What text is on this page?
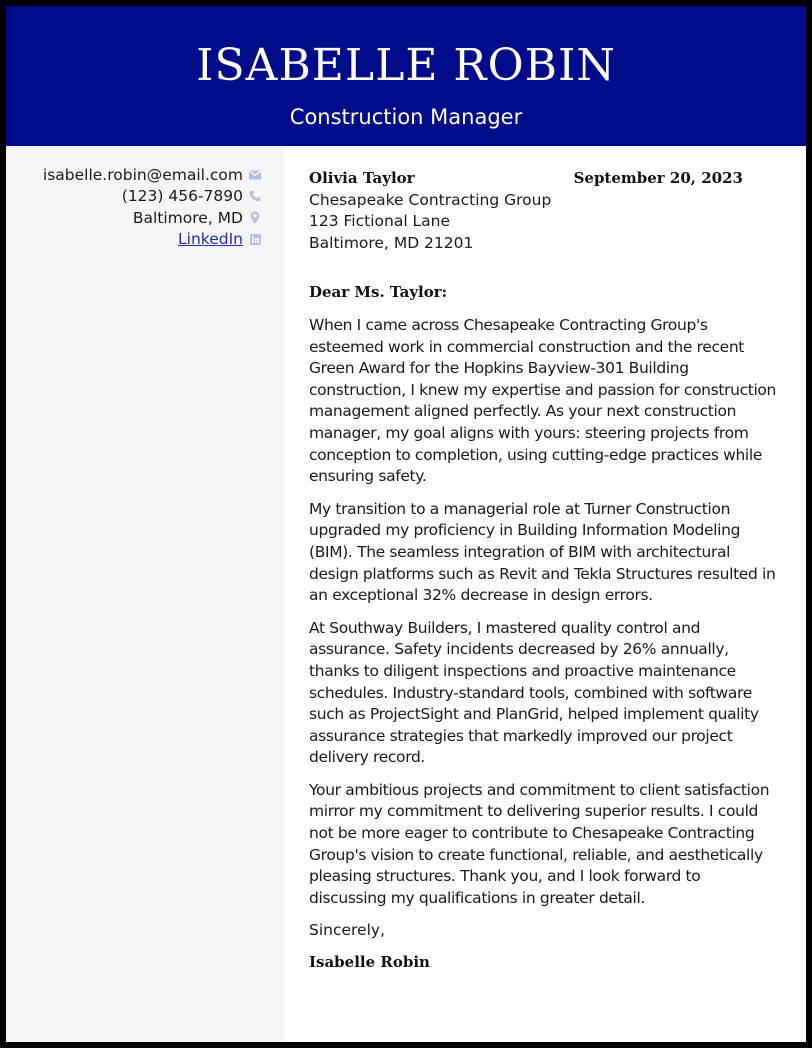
ISABELLE ROBIN
Construction Manager
isabelle.robin@email.com
(123) 456-7890
Baltimore, MD
LinkedIn
Olivia Taylor
Chesapeake Contracting Group
123 Fictional Lane
Baltimore, MD 21201
September 20, 2023
Dear Ms. Taylor:

When I came across Chesapeake Contracting Group's esteemed work in commercial construction and the recent Green Award for the Hopkins Bayview-301 Building construction, I knew my expertise and passion for construction management aligned perfectly. As your next construction manager, my goal aligns with yours: steering projects from conception to completion, using cutting-edge practices while ensuring safety.

My transition to a managerial role at Turner Construction upgraded my proficiency in Building Information Modeling (BIM). The seamless integration of BIM with architectural design platforms such as Revit and Tekla Structures resulted in an exceptional 32% decrease in design errors.

At Southway Builders, I mastered quality control and assurance. Safety incidents decreased by 26% annually, thanks to diligent inspections and proactive maintenance schedules. Industry-standard tools, combined with software such as ProjectSight and PlanGrid, helped implement quality assurance strategies that markedly improved our project delivery record.

Your ambitious projects and commitment to client satisfaction mirror my commitment to delivering superior results. I could not be more eager to contribute to Chesapeake Contracting Group's vision to create functional, reliable, and aesthetically pleasing structures. Thank you, and I look forward to discussing my qualifications in greater detail.

Sincerely,
Isabelle Robin
